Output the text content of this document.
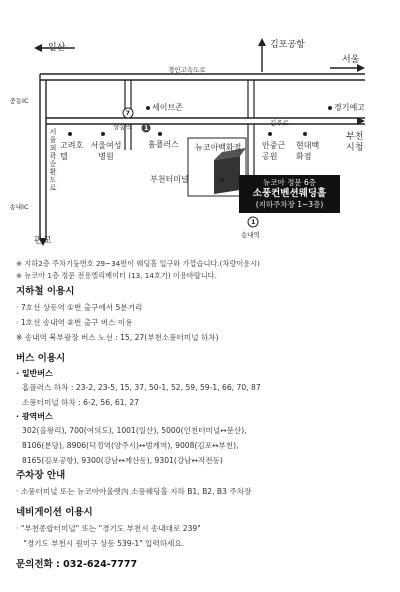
일산	김포공항
서울
경인고속도로
중동IC
송내IC
서울외곽순환도로
판교
상동역
세이브존	경기예고
길주로
부천시청
고려호텔
서울여성병원
홈플러스 뉴코아백화점	안중근공원
현대백화점
부천터미널
송내역
7
1
1
뉴코아 정문 6층
소풍컨벤션웨딩홀
(지하주차장 1~3층)
※ 지하2층 주차기둥번호 29~34번이 웨딩홀 입구와 가깝습니다.(차량이용시)
※ 뉴코아 1층 정문 전용엘리베이터 (13, 14호기) 이용바랍니다.
지하철 이용시
· 7호선 상동역 ①번 출구에서 5분거리
· 1호선 송내역 ②번 출구 버스 이용
※ 송내역 북부광장 버스 노선 : 15, 27(부천소풍터미널 하차)
버스 이용시
· 일반버스
홈플러스 하차 : 23-2, 23-5, 15, 37, 50-1, 52, 59, 59-1, 66, 70, 87
소풍터미널 하차 : 6-2, 56, 61, 27
· 광역버스
302(을왕리), 700(여의도), 1001(일산), 5000(인천터미널↔문산),
8106(분당), 8906(덕정역(양주시)↔범계역), 9008(김포↔부천),
8165(김포공항), 9300(강남↔계산동), 9301(강남↔작전동)
주차장 안내
· 소풍터미널 또는 뉴코아아울렛內 소풍웨딩홀 지하 B1, B2, B3 주차장
네비게이션 이용시
· "부천종합터미널" 또는 "경기도 부천시 송내대로 239"
"경기도 부천시 원미구 상동 539-1" 입력하세요.
문의전화 : 032-624-7777
